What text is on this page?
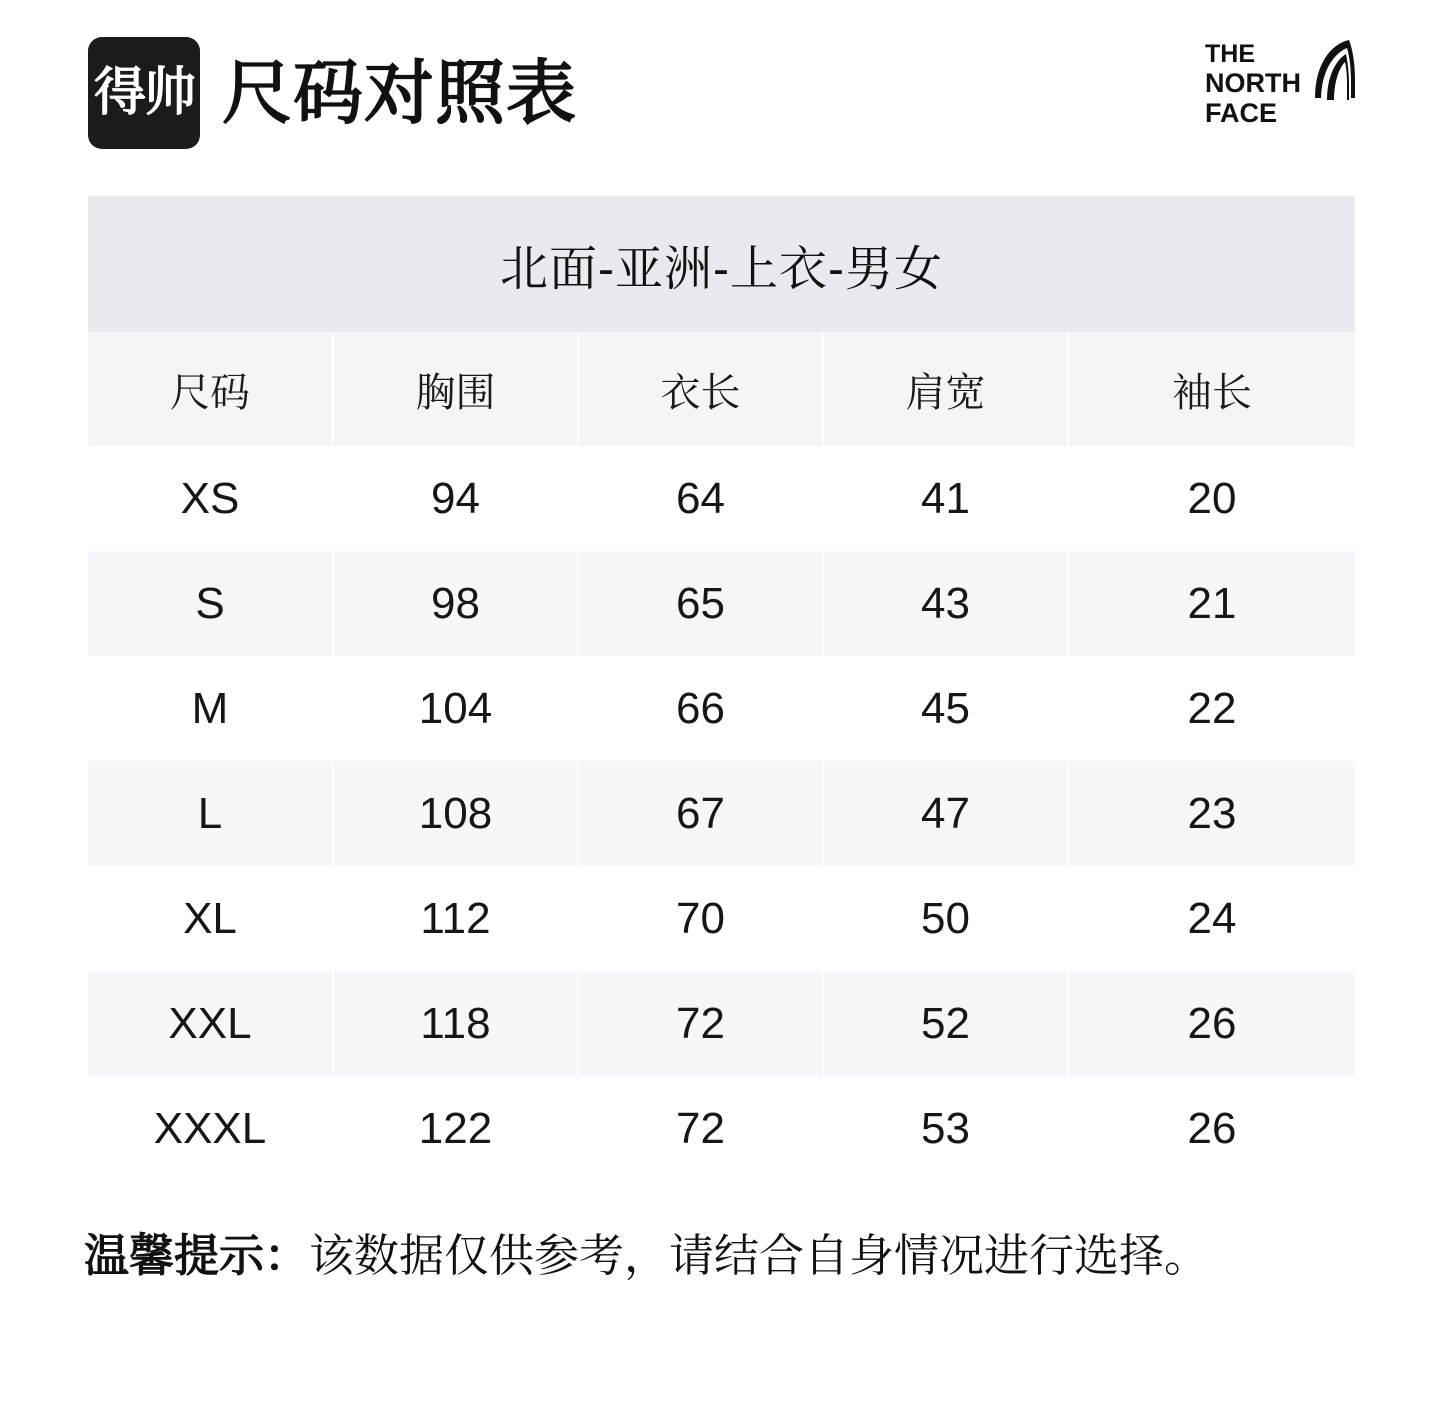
得帅 尺码对照表	THE
NORTH
FACE
北面-亚洲-上衣-男女				
尺码	胸围	衣长	肩宽	袖长
XS	94	64	41	20
S	98	65	43	21
M	104	66	45	22
L	108	67	47	23
XL	112	70	50	24
XXL	118	72	52	26
XXXL	122	72	53	26
温馨提示：该数据仅供参考，请结合自身情况进行选择。
